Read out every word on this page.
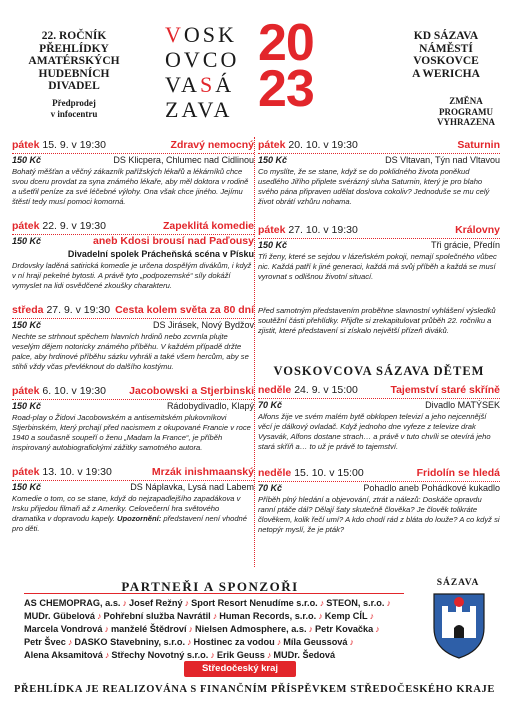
22. ROČNÍK
PŘEHLÍDKY
AMATÉRSKÝCH
HUDEBNÍCH
DIVADEL
Předprodej
v infocentru
VOSK
OVCO
VASÁ
ZAVA
20
23
KD SÁZAVA
NÁMĚSTÍ
VOSKOVCE
A WERICHA
ZMĚNA
PROGRAMU
VYHRAZENA
pátek 15. 9. v 19:30	Zdravý nemocný
150 Kč	DS Klicpera, Chlumec nad Cidlinou
Bohatý měšťan a věčný zákazník pařížských lékařů a lékárníků chce svou dceru provdat za syna známého lékaře, aby měl doktora v rodině a ušetřil peníze za své léčebné výlohy. Ona však chce jiného. Jejímu štěstí tedy musí pomoci komorná.
pátek 22. 9. v 19:30	Zapeklitá komedie
150 Kč	aneb Kdosi brousí nad Paďousy
Divadelní spolek Prácheňská scéna v Písku
Drdovsky laděná satirická komedie je určena dospělým divákům, i když v ní hrají pekelné bytosti. A právě tyto „podpozemské“ síly dokáží vymyslet na lidi osvědčené zkoušky charakteru.
středa 27. 9. v 19:30 Cesta kolem světa za 80 dní
150 Kč	DS Jirásek, Nový Bydžov
Nechte se strhnout spěchem hlavních hrdinů nebo zcvrnla plujte veselým dějem notoricky známého příběhu. V každém případě držte palce, aby hrdinové příběhu sázku vyhráli a také všem hercům, aby se stihli vždy včas převléknout do dalšího kostýmu.
pátek 6. 10. v 19:30 Jacobowski a Stjerbinski
150 Kč	Rádobydivadlo, Klapý
Road-play o Židovi Jacobowském a antisemitském plukovníkovi Stjerbinském, který prchají před nacismem z okupované Francie v roce 1940 a současně soupeří o ženu „Madam la France“, je příběh inspirovaný autobiografickými zážitky samotného autora.
pátek 13. 10. v 19:30	Mrzák inishmaanský
150 Kč	DS Náplavka, Lysá nad Labem
Komedie o tom, co se stane, když do nejzapadlejšího zapadákova v Irsku přijedou filmaři až z Ameriky. Celovečerní hra světového dramatika v dopravodu kapely. Upozornění: představení není vhodné pro děti.
pátek 20. 10. v 19:30	Saturnin
150 Kč	DS Vltavan, Týn nad Vltavou
Co myslíte, že se stane, když se do poklidného života poněkud usedlého Jiřího připlete svérázný sluha Saturnin, který je pro blaho svého pána připraven udělat doslova cokoliv? Jednoduše se mu celý život obrátí vzhůru nohama.
pátek 27. 10. v 19:30	Královny
150 Kč	Tři grácie, Předín
Tři ženy, které se sejdou v lázeňském pokoji, nemají společného vůbec nic. Každá patří k jiné generaci, každá má svůj příběh a každá se musí vyrovnat s odlišnou životní situací.
Před samotným představením proběhne slavnostní vyhlášení výsledků soutěžní části přehlídky. Přijďte si zrekapitulovat průběh 22. ročníku a zjistit, které představení si získalo největší přízeň diváků.
VOSKOVCOVA SÁZAVA DĚTEM
neděle 24. 9. v 15:00	Tajemství staré skříně
70 Kč	Divadlo MATÝSEK
Alfons žije ve svém malém bytě obklopen televizí a jeho nejcennější věcí je dálkový ovladač. Když jednoho dne vyfeze z televize drak Vysavák, Alfons dostane strach… a právě v tuto chvíli se otevírá jeho stará skříň a… to už je právě to tajemství.
neděle 15. 10. v 15:00	Fridolín se hledá
70 Kč	Pohadlo aneb Pohádkové kukadlo
Příběh plný hledání a objevování, ztrát a nálezů: Doskáče opravdu ranní ptáče dál? Dělají šaty skutečně člověka? Je člověk tolikráte člověkem, kolik řečí umí? A kdo chodí rád z bláta do louže? A co když si netopýr myslí, že je pták?
PARTNEŘI A SPONZOŘI
AS CHEMOPRAG, a.s. ♪ Josef Režný ♪ Sport Resort Nenudíme s.r.o. ♪ STEON, s.r.o. ♪
MUDr. Gübelová ♪ Pohřební služba Navrátil ♪ Human Records, s.r.o. ♪ Kemp CÍL ♪
Marcela Vondrová ♪ manželé Štědroví ♪ Nielsen Admosphere, a.s. ♪ Petr Kovačka ♪
Petr Švec ♪ DASKO Stavebniny, s.r.o. ♪ Hostinec za vodou ♪ Míla Geussová ♪
Alena Aksamitová ♪ Střechy Novotný s.r.o. ♪ Erik Geuss ♪ MUDr. Šedová
SÁZAVA
Středočeský kraj
PŘEHLÍDKA JE REALIZOVÁNA S FINANČNÍM PŘÍSPĚVKEM STŘEDOČESKÉHO KRAJE
